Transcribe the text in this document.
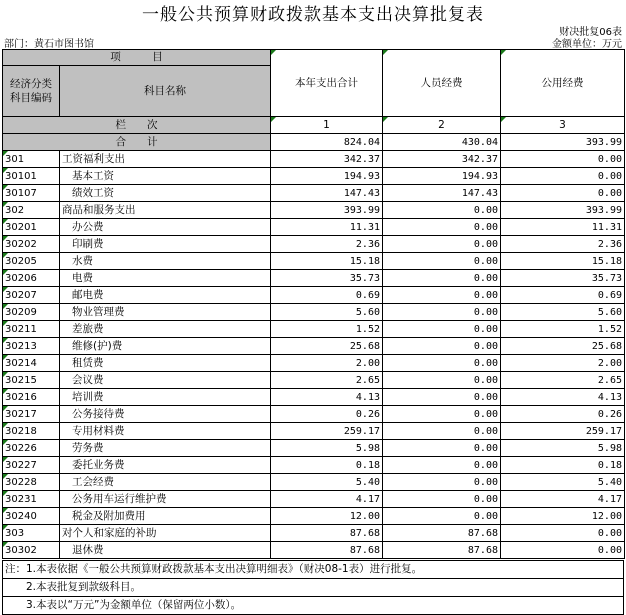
一般公共预算财政拨款基本支出决算批复表
财决批复06表
部门：黄石市图书馆	金额单位：万元
项　　　目		本年支出合计	人员经费	公用经费
经济分类
科目编码	科目名称			
栏　　次		1	2	3
合　　计		824.04	430.04	393.99
301	工资福利支出	342.37	342.37	0.00
30101	基本工资	194.93	194.93	0.00
30107	绩效工资	147.43	147.43	0.00
302	商品和服务支出	393.99	0.00	393.99
30201	办公费	11.31	0.00	11.31
30202	印刷费	2.36	0.00	2.36
30205	水费	15.18	0.00	15.18
30206	电费	35.73	0.00	35.73
30207	邮电费	0.69	0.00	0.69
30209	物业管理费	5.60	0.00	5.60
30211	差旅费	1.52	0.00	1.52
30213	维修(护)费	25.68	0.00	25.68
30214	租赁费	2.00	0.00	2.00
30215	会议费	2.65	0.00	2.65
30216	培训费	4.13	0.00	4.13
30217	公务接待费	0.26	0.00	0.26
30218	专用材料费	259.17	0.00	259.17
30226	劳务费	5.98	0.00	5.98
30227	委托业务费	0.18	0.00	0.18
30228	工会经费	5.40	0.00	5.40
30231	公务用车运行维护费	4.17	0.00	4.17
30240	税金及附加费用	12.00	0.00	12.00
303	对个人和家庭的补助	87.68	87.68	0.00
30302	退休费	87.68	87.68	0.00
注：1.本表依据《一般公共预算财政拨款基本支出决算明细表》（财决08-1表）进行批复。
　　2.本表批复到款级科目。
　　3.本表以“万元”为金额单位（保留两位小数）。
